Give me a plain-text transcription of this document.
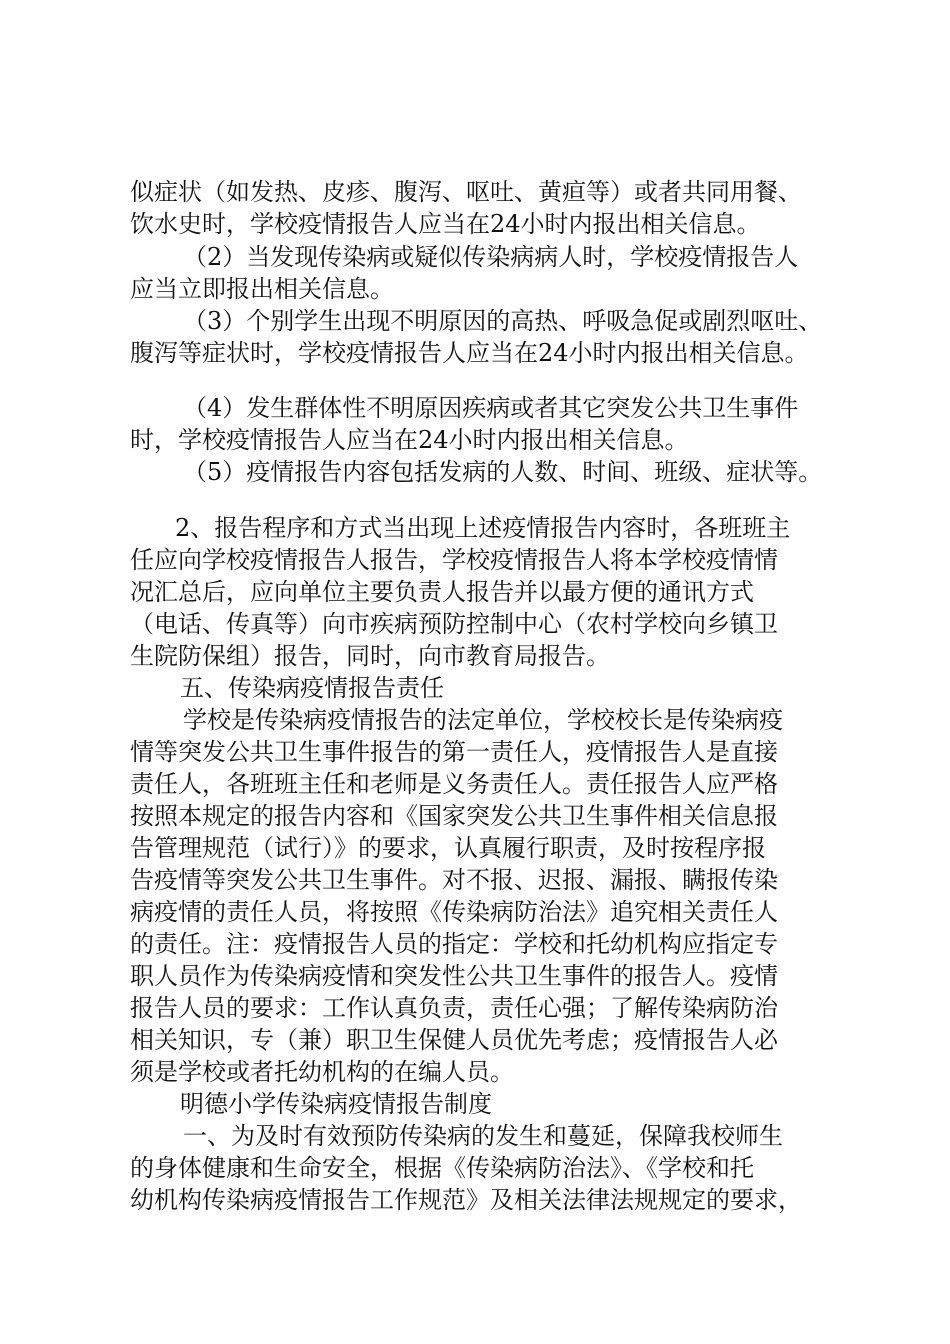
似症状（如发热、皮疹、腹泻、呕吐、黄疸等）或者共同用餐、
饮水史时，学校疫情报告人应当在24小时内报出相关信息。
（2）当发现传染病或疑似传染病病人时，学校疫情报告人
应当立即报出相关信息。
（3）个别学生出现不明原因的高热、呼吸急促或剧烈呕吐、
腹泻等症状时，学校疫情报告人应当在24小时内报出相关信息。
（4）发生群体性不明原因疾病或者其它突发公共卫生事件
时，学校疫情报告人应当在24小时内报出相关信息。
（5）疫情报告内容包括发病的人数、时间、班级、症状等。
2、报告程序和方式当出现上述疫情报告内容时，各班班主
任应向学校疫情报告人报告，学校疫情报告人将本学校疫情情
况汇总后，应向单位主要负责人报告并以最方便的通讯方式
（电话、传真等）向市疾病预防控制中心（农村学校向乡镇卫
生院防保组）报告，同时，向市教育局报告。
五、传染病疫情报告责任
学校是传染病疫情报告的法定单位，学校校长是传染病疫
情等突发公共卫生事件报告的第一责任人，疫情报告人是直接
责任人，各班班主任和老师是义务责任人。责任报告人应严格
按照本规定的报告内容和《国家突发公共卫生事件相关信息报
告管理规范（试行）》的要求，认真履行职责，及时按程序报
告疫情等突发公共卫生事件。对不报、迟报、漏报、瞒报传染
病疫情的责任人员，将按照《传染病防治法》追究相关责任人
的责任。注：疫情报告人员的指定：学校和托幼机构应指定专
职人员作为传染病疫情和突发性公共卫生事件的报告人。疫情
报告人员的要求：工作认真负责，责任心强；了解传染病防治
相关知识，专（兼）职卫生保健人员优先考虑；疫情报告人必
须是学校或者托幼机构的在编人员。
明德小学传染病疫情报告制度
一、为及时有效预防传染病的发生和蔓延，保障我校师生
的身体健康和生命安全，根据《传染病防治法》、《学校和托
幼机构传染病疫情报告工作规范》及相关法律法规规定的要求，
